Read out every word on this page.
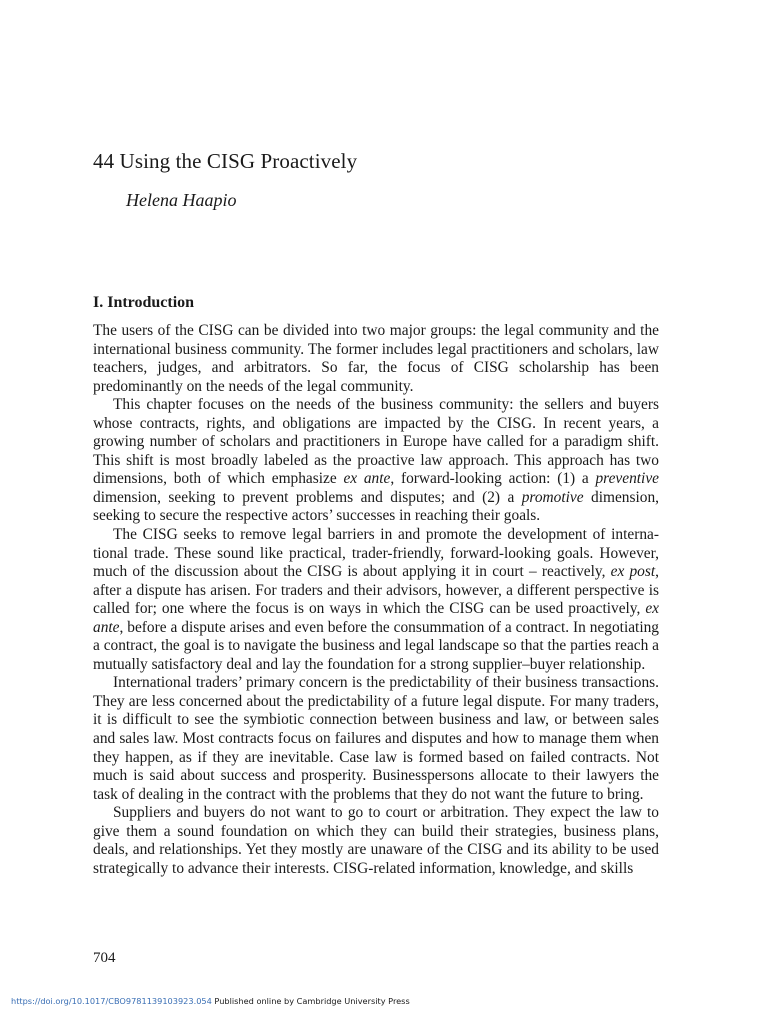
44 Using the CISG Proactively
Helena Haapio
I. Introduction

The users of the CISG can be divided into two major groups: the legal community and the international business community. The former includes legal practitioners and scholars, law teachers, judges, and arbitrators. So far, the focus of CISG scholarship has been predominantly on the needs of the legal community.

This chapter focuses on the needs of the business community: the sellers and buyers whose contracts, rights, and obligations are impacted by the CISG. In recent years, a growing number of scholars and practitioners in Europe have called for a paradigm shift. This shift is most broadly labeled as the proactive law approach. This approach has two dimensions, both of which emphasize ex ante, forward-looking action: (1) a preventive dimension, seeking to prevent problems and disputes; and (2) a promotive dimension, seeking to secure the respective actors’ successes in reaching their goals.

The CISG seeks to remove legal barriers in and promote the development of international trade. These sound like practical, trader-friendly, forward-looking goals. However, much of the discussion about the CISG is about applying it in court – reactively, ex post, after a dispute has arisen. For traders and their advisors, however, a different perspective is called for; one where the focus is on ways in which the CISG can be used proactively, ex ante, before a dispute arises and even before the consummation of a contract. In negotiating a contract, the goal is to navigate the business and legal landscape so that the parties reach a mutually satisfactory deal and lay the foundation for a strong supplier–buyer relationship.

International traders’ primary concern is the predictability of their business transactions. They are less concerned about the predictability of a future legal dispute. For many traders, it is difficult to see the symbiotic connection between business and law, or between sales and sales law. Most contracts focus on failures and disputes and how to manage them when they happen, as if they are inevitable. Case law is formed based on failed contracts. Not much is said about success and prosperity. Businesspersons allocate to their lawyers the task of dealing in the contract with the problems that they do not want the future to bring.

Suppliers and buyers do not want to go to court or arbitration. They expect the law to give them a sound foundation on which they can build their strategies, business plans, deals, and relationships. Yet they mostly are unaware of the CISG and its ability to be used strategically to advance their interests. CISG-related information, knowledge, and skills

704
https://doi.org/10.1017/CBO9781139103923.054 Published online by Cambridge University Press
